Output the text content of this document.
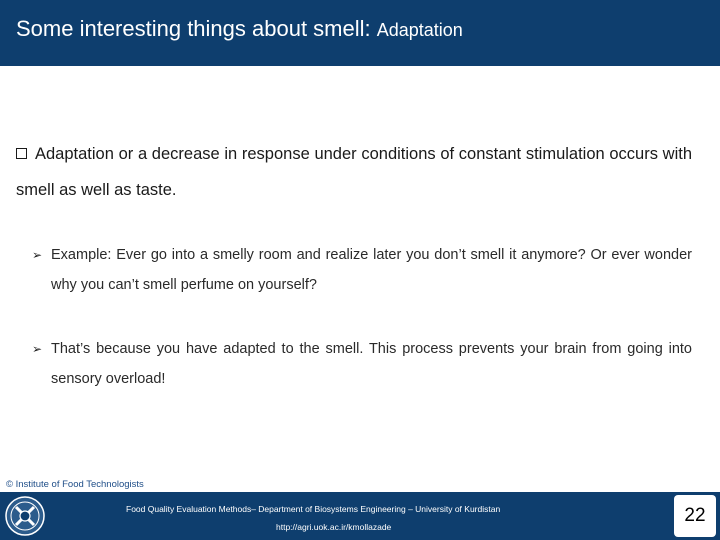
Some interesting things about smell: Adaptation
Adaptation or a decrease in response under conditions of constant stimulation occurs with smell as well as taste.
➢ Example: Ever go into a smelly room and realize later you don’t smell it anymore? Or ever wonder why you can’t smell perfume on yourself?
➢ That’s because you have adapted to the smell. This process prevents your brain from going into sensory overload!
© Institute of Food Technologists
Food Quality Evaluation Methods– Department of Biosystems Engineering – University of Kurdistan
http://agri.uok.ac.ir/kmollazade
22
